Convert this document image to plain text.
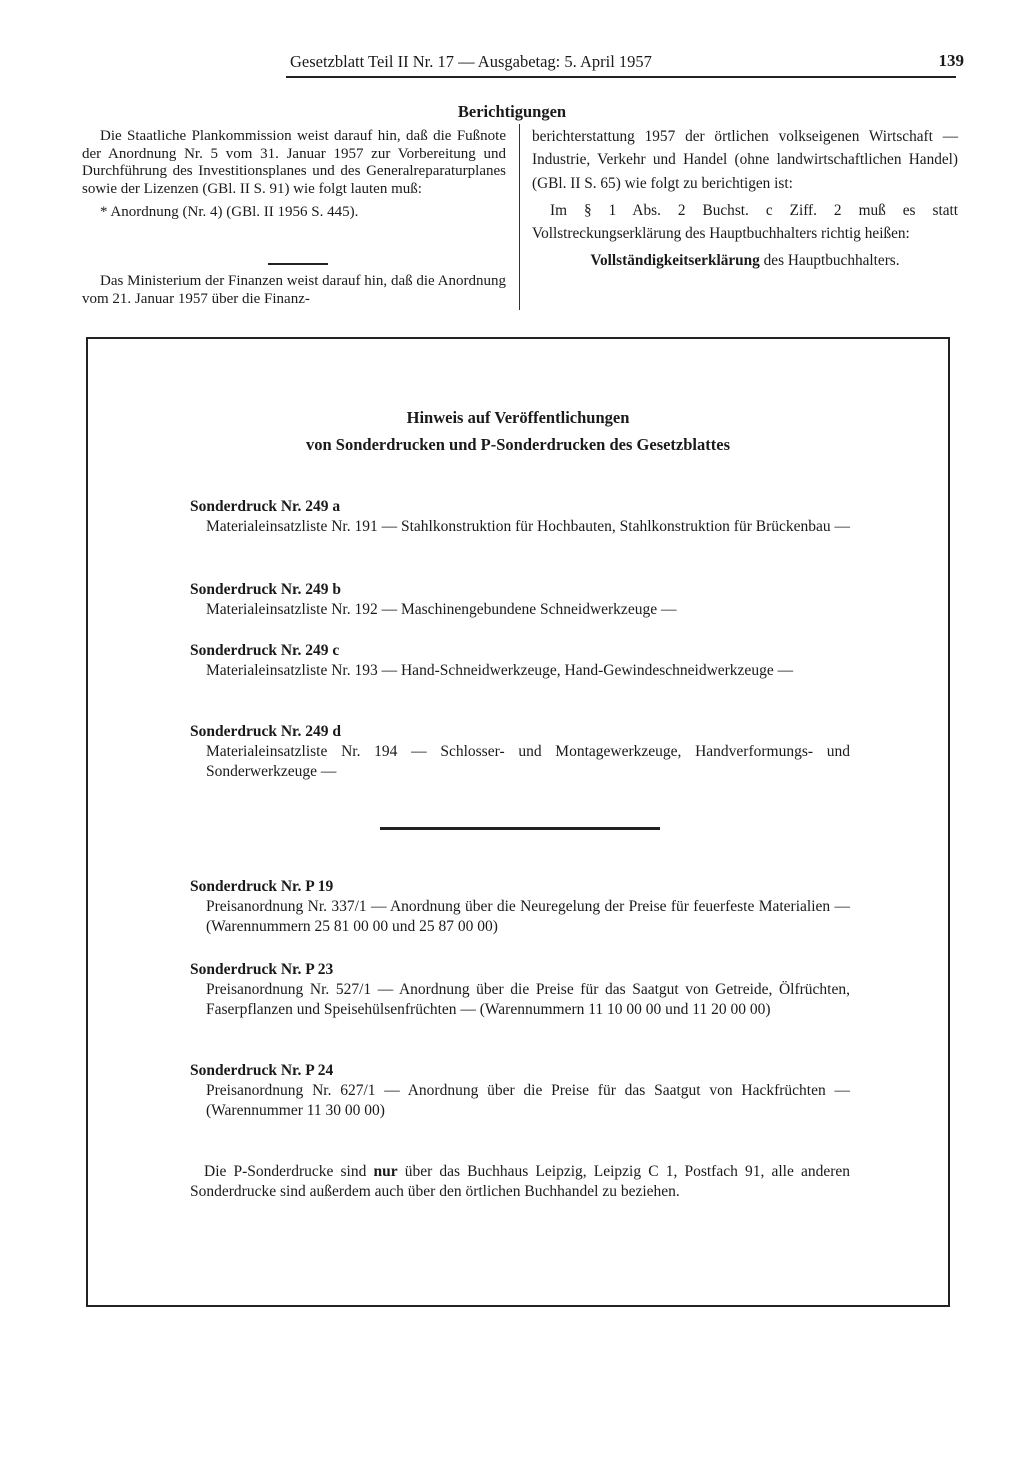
Gesetzblatt Teil II Nr. 17 — Ausgabetag: 5. April 1957	139
Berichtigungen

Die Staatliche Plankommission weist darauf hin, daß die Fußnote der Anordnung Nr. 5 vom 31. Januar 1957 zur Vorbereitung und Durchführung des Investitionsplanes und des Generalreparaturplanes sowie der Lizenzen (GBl. II S. 91) wie folgt lauten muß:

* Anordnung (Nr. 4) (GBl. II 1956 S. 445).

Das Ministerium der Finanzen weist darauf hin, daß die Anordnung vom 21. Januar 1957 über die Finanz-

berichterstattung 1957 der örtlichen volkseigenen Wirtschaft — Industrie, Verkehr und Handel (ohne landwirtschaftlichen Handel) (GBl. II S. 65) wie folgt zu berichtigen ist:

Im § 1 Abs. 2 Buchst. c Ziff. 2 muß es statt Vollstreckungserklärung des Hauptbuchhalters richtig heißen:

Vollständigkeitserklärung des Hauptbuchhalters.

Hinweis auf Veröffentlichungen
von Sonderdrucken und P-Sonderdrucken des Gesetzblattes
Sonderdruck Nr. 249 a
Materialeinsatzliste Nr. 191 — Stahlkonstruktion für Hochbauten, Stahlkonstruktion für Brückenbau —
Sonderdruck Nr. 249 b
Materialeinsatzliste Nr. 192 — Maschinengebundene Schneidwerkzeuge —
Sonderdruck Nr. 249 c
Materialeinsatzliste Nr. 193 — Hand-Schneidwerkzeuge, Hand-Gewindeschneidwerkzeuge —
Sonderdruck Nr. 249 d
Materialeinsatzliste Nr. 194 — Schlosser- und Montagewerkzeuge, Handverformungs- und Sonderwerkzeuge —
Sonderdruck Nr. P 19
Preisanordnung Nr. 337/1 — Anordnung über die Neuregelung der Preise für feuerfeste Materialien — (Warennummern 25 81 00 00 und 25 87 00 00)
Sonderdruck Nr. P 23
Preisanordnung Nr. 527/1 — Anordnung über die Preise für das Saatgut von Getreide, Ölfrüchten, Faserpflanzen und Speisehülsenfrüchten — (Warennummern 11 10 00 00 und 11 20 00 00)
Sonderdruck Nr. P 24
Preisanordnung Nr. 627/1 — Anordnung über die Preise für das Saatgut von Hackfrüchten — (Warennummer 11 30 00 00)
Die P-Sonderdrucke sind nur über das Buchhaus Leipzig, Leipzig C 1, Postfach 91, alle anderen Sonderdrucke sind außerdem auch über den örtlichen Buchhandel zu beziehen.
